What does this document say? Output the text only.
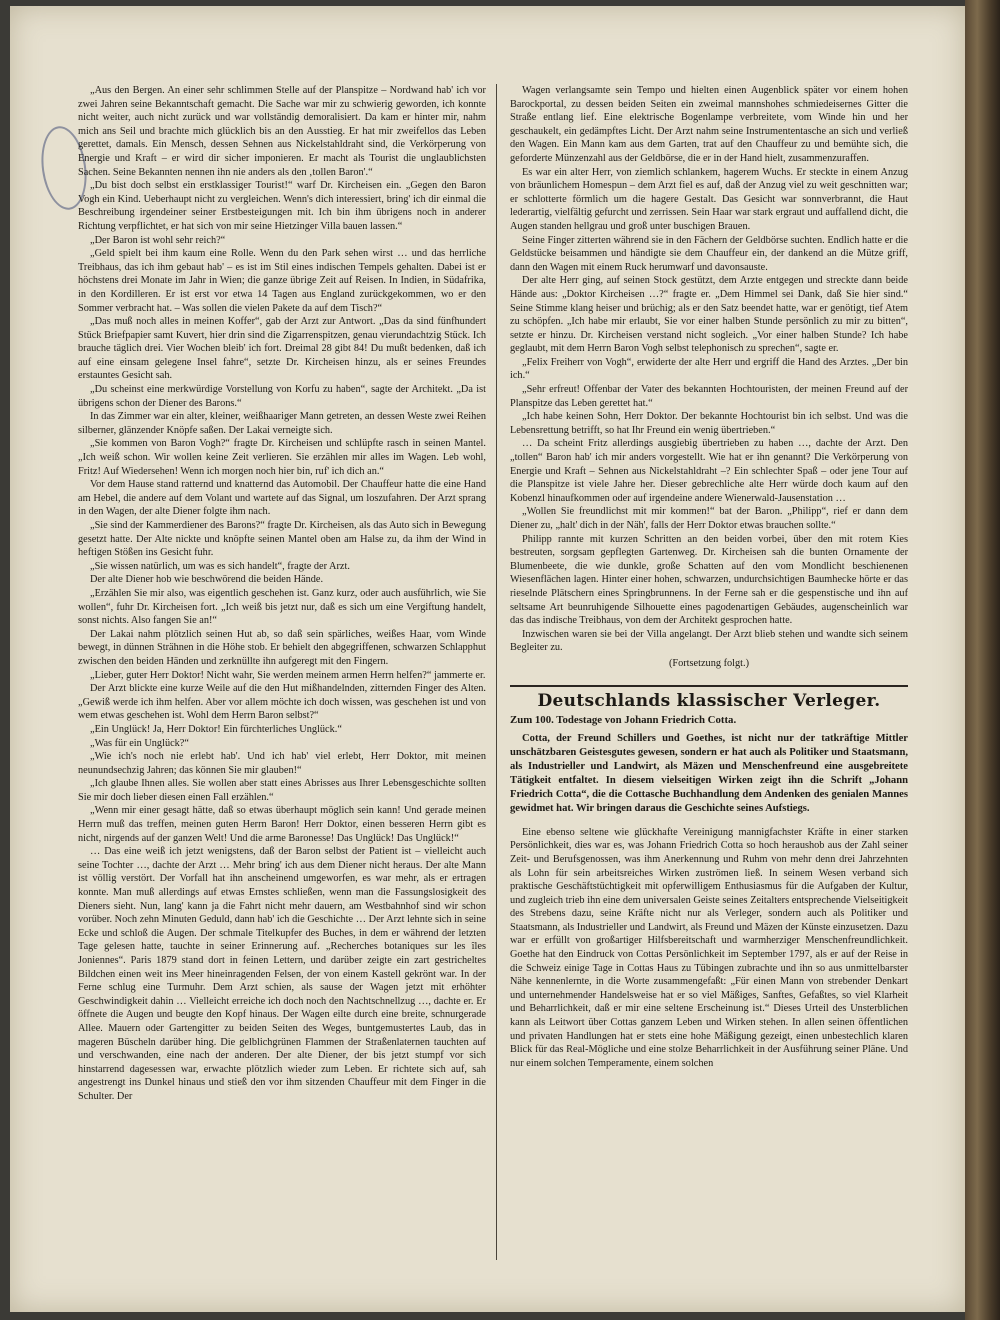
„Aus den Bergen. An einer sehr schlimmen Stelle auf der Planspitze – Nordwand hab' ich vor zwei Jahren seine Bekanntschaft gemacht. Die Sache war mir zu schwierig geworden, ich konnte nicht weiter, auch nicht zurück und war vollständig demoralisiert. Da kam er hinter mir, nahm mich ans Seil und brachte mich glücklich bis an den Ausstieg. Er hat mir zweifellos das Leben gerettet, damals. Ein Mensch, dessen Sehnen aus Nickelstahldraht sind, die Verkörperung von Energie und Kraft – er wird dir sicher imponieren. Er macht als Tourist die unglaublichsten Sachen. Seine Bekannten nennen ihn nie anders als den ‚tollen Baron'.“

„Du bist doch selbst ein erstklassiger Tourist!“ warf Dr. Kircheisen ein. „Gegen den Baron Vogh ein Kind. Ueberhaupt nicht zu vergleichen. Wenn's dich interessiert, bring' ich dir einmal die Beschreibung irgendeiner seiner Erstbesteigungen mit. Ich bin ihm übrigens noch in anderer Richtung verpflichtet, er hat sich von mir seine Hietzinger Villa bauen lassen.“

„Der Baron ist wohl sehr reich?“

„Geld spielt bei ihm kaum eine Rolle. Wenn du den Park sehen wirst … und das herrliche Treibhaus, das ich ihm gebaut hab' – es ist im Stil eines indischen Tempels gehalten. Dabei ist er höchstens drei Monate im Jahr in Wien; die ganze übrige Zeit auf Reisen. In Indien, in Südafrika, in den Kordilleren. Er ist erst vor etwa 14 Tagen aus England zurückgekommen, wo er den Sommer verbracht hat. – Was sollen die vielen Pakete da auf dem Tisch?“

„Das muß noch alles in meinen Koffer“, gab der Arzt zur Antwort. „Das da sind fünfhundert Stück Briefpapier samt Kuvert, hier drin sind die Zigarrenspitzen, genau vierundachtzig Stück. Ich brauche täglich drei. Vier Wochen bleib' ich fort. Dreimal 28 gibt 84! Du mußt bedenken, daß ich auf eine einsam gelegene Insel fahre“, setzte Dr. Kircheisen hinzu, als er seines Freundes erstauntes Gesicht sah.

„Du scheinst eine merkwürdige Vorstellung von Korfu zu haben“, sagte der Architekt. „Da ist übrigens schon der Diener des Barons.“

In das Zimmer war ein alter, kleiner, weißhaariger Mann getreten, an dessen Weste zwei Reihen silberner, glänzender Knöpfe saßen. Der Lakai verneigte sich.

„Sie kommen von Baron Vogh?“ fragte Dr. Kircheisen und schlüpfte rasch in seinen Mantel. „Ich weiß schon. Wir wollen keine Zeit verlieren. Sie erzählen mir alles im Wagen. Leb wohl, Fritz! Auf Wiedersehen! Wenn ich morgen noch hier bin, ruf' ich dich an.“

Vor dem Hause stand ratternd und knatternd das Automobil. Der Chauffeur hatte die eine Hand am Hebel, die andere auf dem Volant und wartete auf das Signal, um loszufahren. Der Arzt sprang in den Wagen, der alte Diener folgte ihm nach.

„Sie sind der Kammerdiener des Barons?“ fragte Dr. Kircheisen, als das Auto sich in Bewegung gesetzt hatte. Der Alte nickte und knöpfte seinen Mantel oben am Halse zu, da ihm der Wind in heftigen Stößen ins Gesicht fuhr.

„Sie wissen natürlich, um was es sich handelt“, fragte der Arzt.

Der alte Diener hob wie beschwörend die beiden Hände.

„Erzählen Sie mir also, was eigentlich geschehen ist. Ganz kurz, oder auch ausführlich, wie Sie wollen“, fuhr Dr. Kircheisen fort. „Ich weiß bis jetzt nur, daß es sich um eine Vergiftung handelt, sonst nichts. Also fangen Sie an!“

Der Lakai nahm plötzlich seinen Hut ab, so daß sein spärliches, weißes Haar, vom Winde bewegt, in dünnen Strähnen in die Höhe stob. Er behielt den abgegriffenen, schwarzen Schlapphut zwischen den beiden Händen und zerknüllte ihn aufgeregt mit den Fingern.

„Lieber, guter Herr Doktor! Nicht wahr, Sie werden meinem armen Herrn helfen?“ jammerte er.

Der Arzt blickte eine kurze Weile auf die den Hut mißhandelnden, zitternden Finger des Alten. „Gewiß werde ich ihm helfen. Aber vor allem möchte ich doch wissen, was geschehen ist und von wem etwas geschehen ist. Wohl dem Herrn Baron selbst?“

„Ein Unglück! Ja, Herr Doktor! Ein fürchterliches Unglück.“

„Was für ein Unglück?“

„Wie ich's noch nie erlebt hab'. Und ich hab' viel erlebt, Herr Doktor, mit meinen neunundsechzig Jahren; das können Sie mir glauben!“

„Ich glaube Ihnen alles. Sie wollen aber statt eines Abrisses aus Ihrer Lebensgeschichte sollten Sie mir doch lieber diesen einen Fall erzählen.“

„Wenn mir einer gesagt hätte, daß so etwas überhaupt möglich sein kann! Und gerade meinen Herrn muß das treffen, meinen guten Herrn Baron! Herr Doktor, einen besseren Herrn gibt es nicht, nirgends auf der ganzen Welt! Und die arme Baronesse! Das Unglück! Das Unglück!“

… Das eine weiß ich jetzt wenigstens, daß der Baron selbst der Patient ist – vielleicht auch seine Tochter …, dachte der Arzt … Mehr bring' ich aus dem Diener nicht heraus. Der alte Mann ist völlig verstört. Der Vorfall hat ihn anscheinend umgeworfen, es war mehr, als er ertragen konnte. Man muß allerdings auf etwas Ernstes schließen, wenn man die Fassungslosigkeit des Dieners sieht. Nun, lang' kann ja die Fahrt nicht mehr dauern, am Westbahnhof sind wir schon vorüber. Noch zehn Minuten Geduld, dann hab' ich die Geschichte … Der Arzt lehnte sich in seine Ecke und schloß die Augen. Der schmale Titelkupfer des Buches, in dem er während der letzten Tage gelesen hatte, tauchte in seiner Erinnerung auf. „Recherches botaniques sur les îles Joniennes“. Paris 1879 stand dort in feinen Lettern, und darüber zeigte ein zart gestricheltes Bildchen einen weit ins Meer hineinragenden Felsen, der von einem Kastell gekrönt war. In der Ferne schlug eine Turmuhr. Dem Arzt schien, als sause der Wagen jetzt mit erhöhter Geschwindigkeit dahin … Vielleicht erreiche ich doch noch den Nachtschnellzug …, dachte er. Er öffnete die Augen und beugte den Kopf hinaus. Der Wagen eilte durch eine breite, schnurgerade Allee. Mauern oder Gartengitter zu beiden Seiten des Weges, buntgemustertes Laub, das in mageren Büscheln darüber hing. Die gelblichgrünen Flammen der Straßenlaternen tauchten auf und verschwanden, eine nach der anderen. Der alte Diener, der bis jetzt stumpf vor sich hinstarrend dagesessen war, erwachte plötzlich wieder zum Leben. Er richtete sich auf, sah angestrengt ins Dunkel hinaus und stieß den vor ihm sitzenden Chauffeur mit dem Finger in die Schulter. Der

Wagen verlangsamte sein Tempo und hielten einen Augenblick später vor einem hohen Barockportal, zu dessen beiden Seiten ein zweimal mannshohes schmiedeisernes Gitter die Straße entlang lief. Eine elektrische Bogenlampe verbreitete, vom Winde hin und her geschaukelt, ein gedämpftes Licht. Der Arzt nahm seine Instrumententasche an sich und verließ den Wagen. Ein Mann kam aus dem Garten, trat auf den Chauffeur zu und bemühte sich, die geforderte Münzenzahl aus der Geldbörse, die er in der Hand hielt, zusammenzuraffen.

Es war ein alter Herr, von ziemlich schlankem, hagerem Wuchs. Er steckte in einem Anzug von bräunlichem Homespun – dem Arzt fiel es auf, daß der Anzug viel zu weit geschnitten war; er schlotterte förmlich um die hagere Gestalt. Das Gesicht war sonnverbrannt, die Haut lederartig, vielfältig gefurcht und zerrissen. Sein Haar war stark ergraut und auffallend dicht, die Augen standen hellgrau und groß unter buschigen Brauen.

Seine Finger zitterten während sie in den Fächern der Geldbörse suchten. Endlich hatte er die Geldstücke beisammen und händigte sie dem Chauffeur ein, der dankend an die Mütze griff, dann den Wagen mit einem Ruck herumwarf und davonsauste.

Der alte Herr ging, auf seinen Stock gestützt, dem Arzte entgegen und streckte dann beide Hände aus: „Doktor Kircheisen …?“ fragte er. „Dem Himmel sei Dank, daß Sie hier sind.“ Seine Stimme klang heiser und brüchig; als er den Satz beendet hatte, war er genötigt, tief Atem zu schöpfen. „Ich habe mir erlaubt, Sie vor einer halben Stunde persönlich zu mir zu bitten“, setzte er hinzu. Dr. Kircheisen verstand nicht sogleich. „Vor einer halben Stunde? Ich habe geglaubt, mit dem Herrn Baron Vogh selbst telephonisch zu sprechen“, sagte er.

„Felix Freiherr von Vogh“, erwiderte der alte Herr und ergriff die Hand des Arztes. „Der bin ich.“

„Sehr erfreut! Offenbar der Vater des bekannten Hochtouristen, der meinen Freund auf der Planspitze das Leben gerettet hat.“

„Ich habe keinen Sohn, Herr Doktor. Der bekannte Hochtourist bin ich selbst. Und was die Lebensrettung betrifft, so hat Ihr Freund ein wenig übertrieben.“

… Da scheint Fritz allerdings ausgiebig übertrieben zu haben …, dachte der Arzt. Den „tollen“ Baron hab' ich mir anders vorgestellt. Wie hat er ihn genannt? Die Verkörperung von Energie und Kraft – Sehnen aus Nickelstahldraht –? Ein schlechter Spaß – oder jene Tour auf die Planspitze ist viele Jahre her. Dieser gebrechliche alte Herr würde doch kaum auf den Kobenzl hinaufkommen oder auf irgendeine andere Wienerwald-Jausenstation …

„Wollen Sie freundlichst mit mir kommen!“ bat der Baron. „Philipp“, rief er dann dem Diener zu, „halt' dich in der Näh', falls der Herr Doktor etwas brauchen sollte.“

Philipp rannte mit kurzen Schritten an den beiden vorbei, über den mit rotem Kies bestreuten, sorgsam gepflegten Gartenweg. Dr. Kircheisen sah die bunten Ornamente der Blumenbeete, die wie dunkle, große Schatten auf den vom Mondlicht beschienenen Wiesenflächen lagen. Hinter einer hohen, schwarzen, undurchsichtigen Baumhecke hörte er das rieselnde Plätschern eines Springbrunnens. In der Ferne sah er die gespenstische und ihn auf seltsame Art beunruhigende Silhouette eines pagodenartigen Gebäudes, augenscheinlich war das das indische Treibhaus, von dem der Architekt gesprochen hatte.

Inzwischen waren sie bei der Villa angelangt. Der Arzt blieb stehen und wandte sich seinem Begleiter zu.

(Fortsetzung folgt.)

Deutschlands klassischer Verleger.

Zum 100. Todestage von Johann Friedrich Cotta.

Cotta, der Freund Schillers und Goethes, ist nicht nur der tatkräftige Mittler unschätzbaren Geistesgutes gewesen, sondern er hat auch als Politiker und Staatsmann, als Industrieller und Landwirt, als Mäzen und Menschenfreund eine ausgebreitete Tätigkeit entfaltet. In diesem vielseitigen Wirken zeigt ihn die Schrift „Johann Friedrich Cotta“, die die Cottasche Buchhandlung dem Andenken des genialen Mannes gewidmet hat. Wir bringen daraus die Geschichte seines Aufstiegs.

Eine ebenso seltene wie glückhafte Vereinigung mannigfachster Kräfte in einer starken Persönlichkeit, dies war es, was Johann Friedrich Cotta so hoch heraushob aus der Zahl seiner Zeit- und Berufsgenossen, was ihm Anerkennung und Ruhm von mehr denn drei Jahrzehnten als Lohn für sein arbeitsreiches Wirken zuströmen ließ. In seinem Wesen verband sich praktische Geschäftstüchtigkeit mit opferwilligem Enthusiasmus für die Aufgaben der Kultur, und zugleich trieb ihn eine dem universalen Geiste seines Zeitalters entsprechende Vielseitigkeit des Strebens dazu, seine Kräfte nicht nur als Verleger, sondern auch als Politiker und Staatsmann, als Industrieller und Landwirt, als Freund und Mäzen der Künste einzusetzen. Dazu war er erfüllt von großartiger Hilfsbereitschaft und warmherziger Menschenfreundlichkeit. Goethe hat den Eindruck von Cottas Persönlichkeit im September 1797, als er auf der Reise in die Schweiz einige Tage in Cottas Haus zu Tübingen zubrachte und ihn so aus unmittelbarster Nähe kennenlernte, in die Worte zusammengefaßt: „Für einen Mann von strebender Denkart und unternehmender Handelsweise hat er so viel Mäßiges, Sanftes, Gefaßtes, so viel Klarheit und Beharrlichkeit, daß er mir eine seltene Erscheinung ist.“ Dieses Urteil des Unsterblichen kann als Leitwort über Cottas ganzem Leben und Wirken stehen. In allen seinen öffentlichen und privaten Handlungen hat er stets eine hohe Mäßigung gezeigt, einen unbestechlich klaren Blick für das Real-Mögliche und eine stolze Beharrlichkeit in der Ausführung seiner Pläne. Und nur einem solchen Temperamente, einem solchen
